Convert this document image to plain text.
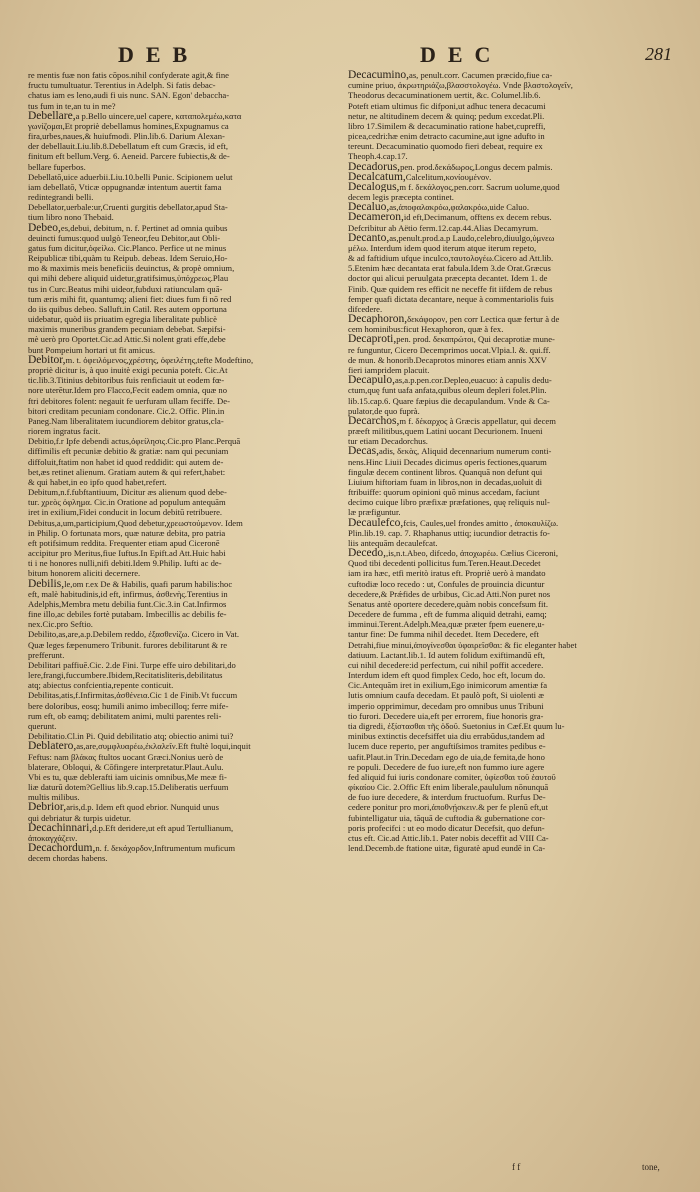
DEB	DEC	281
re mentis fuæ non fatis cōpos.nihil confyderate agit,& fine
fructu tumultuatur. Terentius in Adelph. Si fatis debac-
chatus iam es leno,audi fi uis nunc. SAN. Egon' debaccha-
tus fum in te,an tu in me?
Debellare,a p.Bello uincere,uel capere, καταπολεμέω,κατα
γωνίζομαι,Et propriè debellamus homines,Expugnamus ca
fira,urbes,naues,& huiufmodi. Plin.lib.6. Darium Alexan-
der debellauit.Liu.lib.8.Debellatum eft cum Græcis, id eft,
finitum eft bellum.Verg. 6. Aeneid. Parcere fubiectis,& de-
bellare fuperbos.
Debellatō,uice aduerbii.Liu.10.belli Punic. Scipionem uelut
iam debellatō, Vticæ oppugnandæ intentum auertit fama
redintegrandi belli.
Debellator,uerbale:ur,Cruenti gurgitis debellator,apud Sta-
tium libro nono Thebaid.
Debeo,es,debui, debitum, n. f. Pertinet ad omnia quibus
deuincti fumus:quod uulgò Teneor,feu Debitor,aut Obli-
gatus fum dicitur,ὀφείλω. Cic.Planco. Perfice ut ne minus
Reipublicæ tibi,quàm tu Reipub. debeas. Idem Seruio,Ho-
mo & maximis meis beneficiis deuinctus, & propè omnium,
qui mihi debere aliquid uidetur,gratifsimus,ὑπόχρεως.Plau
tus in Curc.Beatus mihi uideor,fubduxi ratiunculam quā-
tum æris mihi fit, quantumq; alieni fiet: diues fum fi nō red
do iis quibus debeo. Salluft.in Catil. Res autem opportuna
uidebatur, quòd iis priuatim egregia liberalitate publicè
maximis muneribus grandem pecuniam debebat. Sæpifsi-
mè uerò pro Oportet.Cic.ad Attic.Si nolent grati effe,debe
bunt Pompeium hortari ut fit amicus.
Debitor,m. t. ὀφειλόμενος,χρέστης, ὀφειλέτης,tefte Modeftino,
propriè dicitur is, à quo inuitè exigi pecunia poteft. Cic.At
tic.lib.3.Titinius debitoribus fuis renficiauit ut eodem fœ-
nore uterētur.Idem pro Flacco,Fecit eadem omnia, quæ no
ftri debitores folent: negauit fe uerfuram ullam feciffe. De-
bitori creditam pecuniam condonare. Cic.2. Offic. Plin.in
Paneg.Nam liberalitatem iucundiorem debitor gratus,cla-
riorem ingratus facit.
Debitio,f.r Ipfe debendi actus,ὀφείλησις.Cic.pro Planc.Perquā
diffimilis eft pecuniæ debitio & gratiæ: nam qui pecuniam
diffoluit,ftatim non habet id quod reddidit: qui autem de-
bet,æs retinet alienum. Gratiam autem & qui refert,habet:
& qui habet,in eo ipfo quod habet,refert.
Debitum,n.f.fubftantiuum, Dicitur æs alienum quod debe-
tur. χρεὸς ὀφλημα. Cic.in Oratione ad populum antequām
iret in exilium,Fidei conducit in locum debitū retribuere.
Debitus,a,um,participium,Quod debetur,χρεωστούμενον. Idem
in Philip. O fortunata mors, quæ naturæ debita, pro patria
eft potifsimum reddita. Frequenter etiam apud Ciceronē
accipitur pro Meritus,fiue Iuftus.In Epift.ad Att.Huic habi
ti i ne honores nulli,nifi debiti.Idem 9.Philip. Iufti ac de-
bitum honorem aliciti decernere.
Debilis,le,om r.ex De & Habilis, quafi parum habilis:hoc
eft, malè habitudinis,id eft, infirmus, ἀσθενὴς.Terentius in
Adelphis,Membra metu debilia funt.Cic.3.in Cat.Infirmos
fine illo,ac debiles fortè putabam. Imbecillis ac debilis fe-
nex.Cic.pro Seftio.
Debilito,as,are,a.p.Debilem reddo, ἐξασθενίζω. Cicero in Vat.
Quæ leges fæpenumero Tribunit. furores debilitarunt & re
prefferunt.
Debilitari paffiuē.Cic. 2.de Fini. Turpe effe uiro debilitari,do
lere,frangi,fuccumbere.Ibidem,Recitatisliteris,debilitatus
atq; abiectus confcientia,repente conticuit.
Debilitas,atis,f.Infirmitas,ἀσθένεια.Cic 1 de Finib.Vt fuccum
bere doloribus, eosq; humili animo imbecilloq; ferre mife-
rum eft, ob eamq; debilitatem animi, multi parentes reli-
querunt.
Debilitatio.Cl.in Pi. Quid debilitatio atq; obiectio animi tui?
Deblatero,as,are,συμφλυαρέω,ἐκλαλεῖν.Eft ftultè loqui,inquit
Feftus: nam βλάκας ftultos uocant Græci.Nonius uerò de
blaterare, Obloqui, & Cōfingere interpretatur.Plaut.Aulu.
Vbi es tu, quæ deblerafti iam uicinis omnibus,Me meæ fi-
liæ daturū dotem?Gellius lib.9.cap.15.Deliberatis uerfuum
multis milibus.
Debrior,aris,d.p. Idem eft quod ebrior. Nunquid unus
qui debriatur & turpis uidetur.
Decachinnari,d.p.Eft deridere,ut eft apud Tertullianum,
ἀποκαγχάζειν.
Decachordum,n. f. δεκάχορδον,Inftrumentum muficum
decem chordas habens.
Decacumino,as, penult.corr. Cacumen præcido,fiue ca-
cumine priuo, ἀκρωτηριάζω,βλασστολογέω. Vnde βλαστολογεῖν,
Theodorus decacuminationem uertit, &c. Columel.lib.6.
Poteft etiam ultimus fic difponi,ut adhuc tenera decacumi
netur, ne altitudinem decem & quinq; pedum excedat.Pli.
libro 17.Similem & decacuminatio ratione habet,cupreffi,
picea,cedri:hæ enim detracto cacumine,aut igne adufto in
tereunt. Decacuminatio quomodo fieri debeat, require ex
Theoph.4.cap.17.
Decadorus,pen. prod.δεκάδωρος,Longus decem palmis.
Decalcatum,Calcelitum,κονίουμένον.
Decalogus,m f. δεκάλογος,pen.corr. Sacrum uolume,quod
decem legis præcepta continet.
Decaluo,as,ἀποφαλακρόω,φαλακρόω,uide Caluo.
Decameron,id eft,Decimanum, offtens ex decem rebus.
Defcribitur ab Aëtio ferm.12.cap.44.Alias Decamyrum.
Decanto,as,penult.prod.a.p Laudo,celebro,diuulgo,ὑμνεω
μέλω. Interdum idem quod iterum atque iterum repeto,
& ad faftidium ufque inculco,ταυτολογέω.Cicero ad Att.lib.
5.Etenim hæc decantata erat fabula.Idem 3.de Orat.Græcus
doctor qui alicui peruulgata præcepta decantet. Idem 1. de
Finib. Quæ quidem res efficit ne neceffe fit iifdem de rebus
femper quafi dictata decantare, neque à commentariolis fuis
difcedere.
Decaphoron,δεκάφορον, pen corr Lectica quæ fertur à de
cem hominibus:ficut Hexaphoron, quæ à fex.
Decaproti,pen. prod. δεκαπρώτοι, Qui decaprotiæ mune-
re funguntur, Cicero Decemprimos uocat.Vlpia.l. &. qui.ff.
de mun. & honorib.Decaprotos minores etiam annis XXV
fieri iampridem placuit.
Decapulo,as,a.p.pen.cor.Depleo,euacuo: à capulis dedu-
ctum,quę funt uafa anfata,quibus oleum depleri folet.Plin.
lib.15.cap.6. Quare fæpius die decapulandum. Vnde & Ca-
pulator,de quo fuprà.
Decarchos,m f. δέκαρχος à Græcis appellatur, qui decem
præeft militibus,quem Latini uocant Decurionem. Inueni
tur etiam Decadorchus.
Decas,adis, δεκὰς, Aliquid decennarium numerum conti-
nens.Hinc Liuii Decades dicimus operis fectiones,quarum
fingulæ decem continent libros. Quanquā non defunt qui
Liuium hiftoriam fuam in libros,non in decadas,uoluit di
ftribuiffe: quorum opinioni quō minus accedam, faciunt
decimo cuique libro præfixæ præfationes, quę reliquis nul-
læ præfiguntur.
Decaulefco,fcis, Caules,uel frondes amitto , ἀποκαυλίζω.
Plin.lib.19. cap. 7. Rhaphanus uttiq; iucundior detractis fo-
liis antequām decaulefcat.
Decedo,,is,n.t.Abeo, difcedo, ἀποχωρέω. Cælius Ciceroni,
Quod tibi decedenti pollicitus fum.Teren.Heaut.Decedet
iam ira hæc, etfi meritò iratus eft. Propriè uerò à mandato
cuftodiæ loco recedo : ut, Confules de prouincia dicuntur
decedere,& Prǽfides de urbibus, Cic.ad Atti.Non puret nos
Senatus antè oportere decedere,quàm nobis concefsum fit.
Decedere de fumma , eft de fumma aliquid detrahi, eamq;
imminui.Terent.Adelph.Mea,quæ præter fpem euenere,u-
tantur fine: De fumma nihil decedet. Item Decedere, eft
Detrahi,fiue minui,ἀπογίνεσθαι ὑφαιρεῖσθαι: & fic eleganter habet
datiuum. Lactant.lib.1. Id autem folidum exiftimandū eft,
cui nihil decedere:id perfectum, cui nihil poffit accedere.
Interdum idem eft quod fimplex Cedo, hoc eft, locum do.
Cic.Antequām iret in exilium,Ego inimicorum amentiæ fa
lutis omnium caufa decedam. Et paulò poft, Si uiolenti æ
imperio opprimimur, decedam pro omnibus unus Tribuni
tio furori. Decedere uia,eft per errorem, fiue honoris gra-
tia digredi, ἐξίστασθαι τῆς ὁδοῦ. Suetonius in Cæf.Et quum lu-
minibus extinctis decefsiffet uia diu errabūdus,tandem ad
lucem duce reperto, per anguftiſsimos tramites pedibus e-
uafit.Plaut.in Trin.Decedam ego de uia,de femita,de hono
re populi. Decedere de fuo iure,eft non fummo iure agere
fed aliquid fui iuris condonare comiter, ὑφίεσθαι τοῦ ἑαυτοῦ
φίκαίου Cic. 2.Offic Eft enim liberale,paululum nōnunquā
de fuo iure decedere, & interdum fructuofum. Rurfus De-
cedere ponitur pro mori,ἀποθνῄσκειν.& per fe plenū eft,ut
fubintelligatur uia, tāquā de cuftodia & gubernatione cor-
poris profecifci : ut eo modo dicatur Decefsit, quo defun-
ctus eft. Cic.ad Attic.lib.1. Pater nobis deceffit ad VIII Ca-
lend.Decemb.de ftatione uitæ, figuratè apud eundē in Ca-
f f	tone,
